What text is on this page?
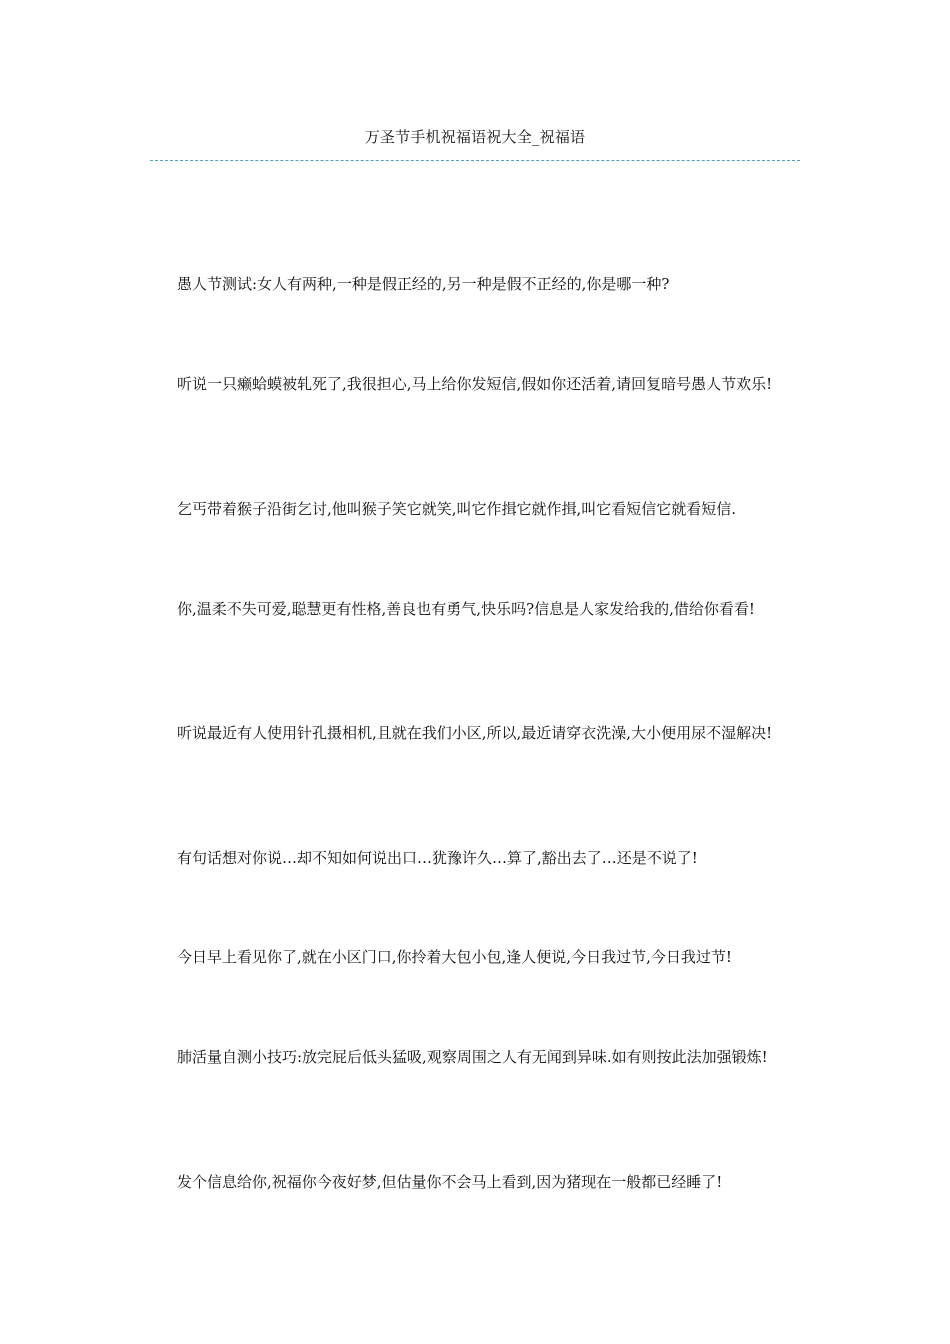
万圣节手机祝福语祝大全_祝福语

愚人节测试:女人有两种,一种是假正经的,另一种是假不正经的,你是哪一种?

听说一只癞蛤蟆被轧死了,我很担心,马上给你发短信,假如你还活着,请回复暗号愚人节欢乐!

乞丐带着猴子沿街乞讨,他叫猴子笑它就笑,叫它作揖它就作揖,叫它看短信它就看短信.

你,温柔不失可爱,聪慧更有性格,善良也有勇气,快乐吗?信息是人家发给我的,借给你看看!

听说最近有人使用针孔摄相机,且就在我们小区,所以,最近请穿衣洗澡,大小便用尿不湿解决!

有句话想对你说…却不知如何说出口…犹豫许久…算了,豁出去了…还是不说了!

今日早上看见你了,就在小区门口,你拎着大包小包,逢人便说,今日我过节,今日我过节!

肺活量自测小技巧:放完屁后低头猛吸,观察周围之人有无闻到异味.如有则按此法加强锻炼!

发个信息给你,祝福你今夜好梦,但估量你不会马上看到,因为猪现在一般都已经睡了!
